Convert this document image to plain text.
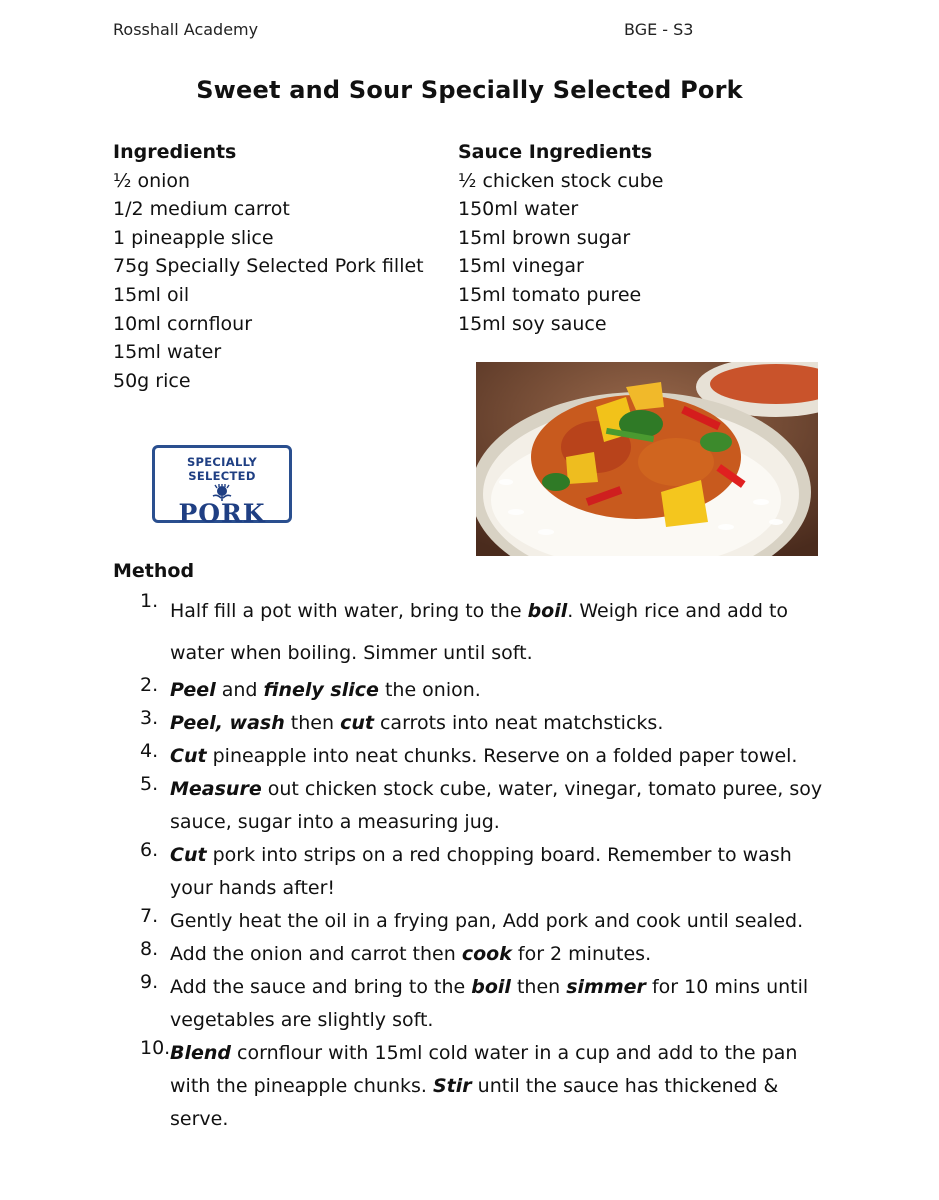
Rosshall Academy	BGE - S3
Sweet and Sour Specially Selected Pork
Ingredients
½ onion
1/2 medium carrot
1 pineapple slice
75g Specially Selected Pork fillet
15ml oil
10ml cornflour
15ml water
50g rice
Sauce Ingredients
½ chicken stock cube
150ml water
15ml brown sugar
15ml vinegar
15ml tomato puree
15ml soy sauce
SPECIALLY SELECTED
PORK
Method
1. Half fill a pot with water, bring to the boil. Weigh rice and add to water when boiling. Simmer until soft.
2. Peel and finely slice the onion.
3. Peel, wash then cut carrots into neat matchsticks.
4. Cut pineapple into neat chunks. Reserve on a folded paper towel.
5. Measure out chicken stock cube, water, vinegar, tomato puree, soy sauce, sugar into a measuring jug.
6. Cut pork into strips on a red chopping board. Remember to wash your hands after!
7. Gently heat the oil in a frying pan, Add pork and cook until sealed.
8. Add the onion and carrot then cook for 2 minutes.
9. Add the sauce and bring to the boil then simmer for 10 mins until vegetables are slightly soft.
10. Blend cornflour with 15ml cold water in a cup and add to the pan with the pineapple chunks. Stir until the sauce has thickened & serve.
